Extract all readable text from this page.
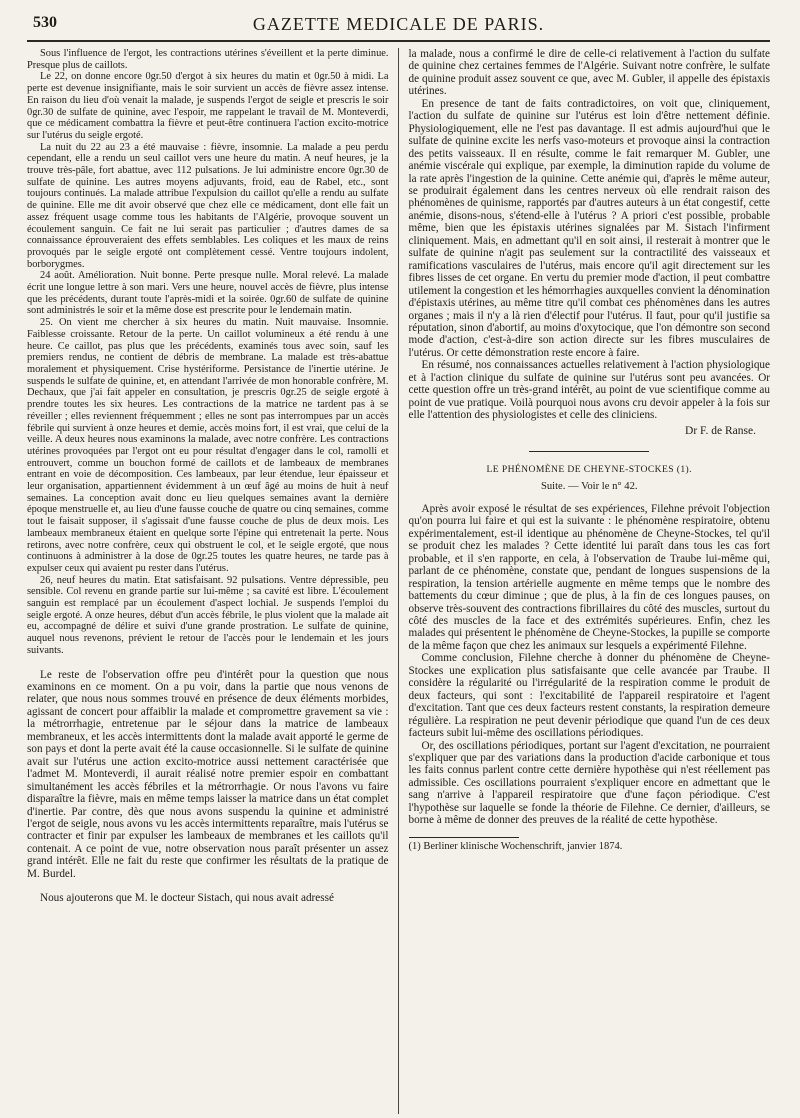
530	GAZETTE MEDICALE DE PARIS.

Sous l'influence de l'ergot, les contractions utérines s'éveillent et la perte diminue. Presque plus de caillots.

Le 22, on donne encore 0gr.50 d'ergot à six heures du matin et 0gr.50 à midi. La perte est devenue insignifiante, mais le soir survient un accès de fièvre assez intense. En raison du lieu d'où venait la malade, je suspends l'ergot de seigle et prescris le soir 0gr.30 de sulfate de quinine, avec l'espoir, me rappelant le travail de M. Monteverdi, que ce médicament combattra la fièvre et peut-être continuera l'action excito-motrice sur l'utérus du seigle ergoté.

La nuit du 22 au 23 a été mauvaise : fièvre, insomnie. La malade a peu perdu cependant, elle a rendu un seul caillot vers une heure du matin. A neuf heures, je la trouve très-pâle, fort abattue, avec 112 pulsations. Je lui administre encore 0gr.30 de sulfate de quinine. Les autres moyens adjuvants, froid, eau de Rabel, etc., sont toujours continués. La malade attribue l'expulsion du caillot qu'elle a rendu au sulfate de quinine. Elle me dit avoir observé que chez elle ce médicament, dont elle fait un assez fréquent usage comme tous les habitants de l'Algérie, provoque souvent un écoulement sanguin. Ce fait ne lui serait pas particulier ; d'autres dames de sa connaissance éprouveraient des effets semblables. Les coliques et les maux de reins provoqués par le seigle ergoté ont complètement cessé. Ventre toujours indolent, borborygmes.

24 août. Amélioration. Nuit bonne. Perte presque nulle. Moral relevé. La malade écrit une longue lettre à son mari. Vers une heure, nouvel accès de fièvre, plus intense que les précédents, durant toute l'après-midi et la soirée. 0gr.60 de sulfate de quinine sont administrés le soir et la même dose est prescrite pour le lendemain matin.

25. On vient me chercher à six heures du matin. Nuit mauvaise. Insomnie. Faiblesse croissante. Retour de la perte. Un caillot volumineux a été rendu à une heure. Ce caillot, pas plus que les précédents, examinés tous avec soin, sauf les premiers rendus, ne contient de débris de membrane. La malade est très-abattue moralement et physiquement. Crise hystériforme. Persistance de l'inertie utérine. Je suspends le sulfate de quinine, et, en attendant l'arrivée de mon honorable confrère, M. Dechaux, que j'ai fait appeler en consultation, je prescris 0gr.25 de seigle ergoté à prendre toutes les six heures. Les contractions de la matrice ne tardent pas à se réveiller ; elles reviennent fréquemment ; elles ne sont pas interrompues par un accès fébrile qui survient à onze heures et demie, accès moins fort, il est vrai, que celui de la veille. A deux heures nous examinons la malade, avec notre confrère. Les contractions utérines provoquées par l'ergot ont eu pour résultat d'engager dans le col, ramolli et entrouvert, comme un bouchon formé de caillots et de lambeaux de membranes entrant en voie de décomposition. Ces lambeaux, par leur étendue, leur épaisseur et leur organisation, appartiennent évidemment à un œuf âgé au moins de huit à neuf semaines. La conception avait donc eu lieu quelques semaines avant la dernière époque menstruelle et, au lieu d'une fausse couche de quatre ou cinq semaines, comme tout le faisait supposer, il s'agissait d'une fausse couche de plus de deux mois. Les lambeaux membraneux étaient en quelque sorte l'épine qui entretenait la perte. Nous retirons, avec notre confrère, ceux qui obstruent le col, et le seigle ergoté, que nous continuons à administrer à la dose de 0gr.25 toutes les quatre heures, ne tarde pas à expulser ceux qui avaient pu rester dans l'utérus.

26, neuf heures du matin. Etat satisfaisant. 92 pulsations. Ventre dépressible, peu sensible. Col revenu en grande partie sur lui-même ; sa cavité est libre. L'écoulement sanguin est remplacé par un écoulement d'aspect lochial. Je suspends l'emploi du seigle ergoté. A onze heures, début d'un accès fébrile, le plus violent que la malade ait eu, accompagné de délire et suivi d'une grande prostration. Le sulfate de quinine, auquel nous revenons, prévient le retour de l'accès pour le lendemain et les jours suivants.

Le reste de l'observation offre peu d'intérêt pour la question que nous examinons en ce moment. On a pu voir, dans la partie que nous venons de relater, que nous nous sommes trouvé en présence de deux éléments morbides, agissant de concert pour affaiblir la malade et compromettre gravement sa vie : la métrorrhagie, entretenue par le séjour dans la matrice de lambeaux membraneux, et les accès intermittents dont la malade avait apporté le germe de son pays et dont la perte avait été la cause occasionnelle. Si le sulfate de quinine avait sur l'utérus une action excito-motrice aussi nettement caractérisée que l'admet M. Monteverdi, il aurait réalisé notre premier espoir en combattant simultanément les accès fébriles et la métrorrhagie. Or nous l'avons vu faire disparaître la fièvre, mais en même temps laisser la matrice dans un état complet d'inertie. Par contre, dès que nous avons suspendu la quinine et administré l'ergot de seigle, nous avons vu les accès intermittents reparaître, mais l'utérus se contracter et finir par expulser les lambeaux de membranes et les caillots qu'il contenait. A ce point de vue, notre observation nous paraît présenter un assez grand intérêt. Elle ne fait du reste que confirmer les résultats de la pratique de M. Burdel.

Nous ajouterons que M. le docteur Sistach, qui nous avait adressé

la malade, nous a confirmé le dire de celle-ci relativement à l'action du sulfate de quinine chez certaines femmes de l'Algérie. Suivant notre confrère, le sulfate de quinine produit assez souvent ce que, avec M. Gubler, il appelle des épistaxis utérines.

En presence de tant de faits contradictoires, on voit que, cliniquement, l'action du sulfate de quinine sur l'utérus est loin d'être nettement définie. Physiologiquement, elle ne l'est pas davantage. Il est admis aujourd'hui que le sulfate de quinine excite les nerfs vaso-moteurs et provoque ainsi la contraction des petits vaisseaux. Il en résulte, comme le fait remarquer M. Gubler, une anémie viscérale qui explique, par exemple, la diminution rapide du volume de la rate après l'ingestion de la quinine. Cette anémie qui, d'après le même auteur, se produirait également dans les centres nerveux où elle rendrait raison des phénomènes de quinisme, rapportés par d'autres auteurs à un état congestif, cette anémie, disons-nous, s'étend-elle à l'utérus ? A priori c'est possible, probable même, bien que les épistaxis utérines signalées par M. Sistach l'infirment cliniquement. Mais, en admettant qu'il en soit ainsi, il resterait à montrer que le sulfate de quinine n'agit pas seulement sur la contractilité des vaisseaux et ramifications vasculaires de l'utérus, mais encore qu'il agit directement sur les fibres lisses de cet organe. En vertu du premier mode d'action, il peut combattre utilement la congestion et les hémorrhagies auxquelles convient la dénomination d'épistaxis utérines, au même titre qu'il combat ces phénomènes dans les autres organes ; mais il n'y a là rien d'électif pour l'utérus. Il faut, pour qu'il justifie sa réputation, sinon d'abortif, au moins d'oxytocique, que l'on démontre son second mode d'action, c'est-à-dire son action directe sur les fibres musculaires de l'utérus. Or cette démonstration reste encore à faire.

En résumé, nos connaissances actuelles relativement à l'action physiologique et à l'action clinique du sulfate de quinine sur l'utérus sont peu avancées. Or cette question offre un très-grand intérêt, au point de vue scientifique comme au point de vue pratique. Voilà pourquoi nous avons cru devoir appeler à la fois sur elle l'attention des physiologistes et celle des cliniciens.

Dr F. de Ranse.
LE PHÉNOMÈNE DE CHEYNE-STOCKES (1).
Suite. — Voir le n° 42.

Après avoir exposé le résultat de ses expériences, Filehne prévoit l'objection qu'on pourra lui faire et qui est la suivante : le phénomène respiratoire, obtenu expérimentalement, est-il identique au phénomène de Cheyne-Stockes, tel qu'il se produit chez les malades ? Cette identité lui paraît dans tous les cas fort probable, et il s'en rapporte, en cela, à l'observation de Traube lui-même qui, parlant de ce phénomène, constate que, pendant de longues suspensions de la respiration, la tension artérielle augmente en même temps que le nombre des battements du cœur diminue ; que de plus, à la fin de ces longues pauses, on observe très-souvent des contractions fibrillaires du côté des muscles, surtout du côté des muscles de la face et des extrémités supérieures. Enfin, chez les malades qui présentent le phénomène de Cheyne-Stockes, la pupille se comporte de la même façon que chez les animaux sur lesquels a expérimenté Filehne.

Comme conclusion, Filehne cherche à donner du phénomène de Cheyne-Stockes une explication plus satisfaisante que celle avancée par Traube. Il considère la régularité ou l'irrégularité de la respiration comme le produit de deux facteurs, qui sont : l'excitabilité de l'appareil respiratoire et l'agent d'excitation. Tant que ces deux facteurs restent constants, la respiration demeure régulière. La respiration ne peut devenir périodique que quand l'un de ces deux facteurs subit lui-même des oscillations périodiques.

Or, des oscillations périodiques, portant sur l'agent d'excitation, ne pourraient s'expliquer que par des variations dans la production d'acide carbonique et tous les faits connus parlent contre cette dernière hypothèse qui n'est réellement pas admissible. Ces oscillations pourraient s'expliquer encore en admettant que le sang n'arrive à l'appareil respiratoire que d'une façon périodique. C'est l'hypothèse sur laquelle se fonde la théorie de Filehne. Ce dernier, d'ailleurs, se borne à même de donner des preuves de la réalité de cette hypothèse.

(1) Berliner klinische Wochenschrift, janvier 1874.
